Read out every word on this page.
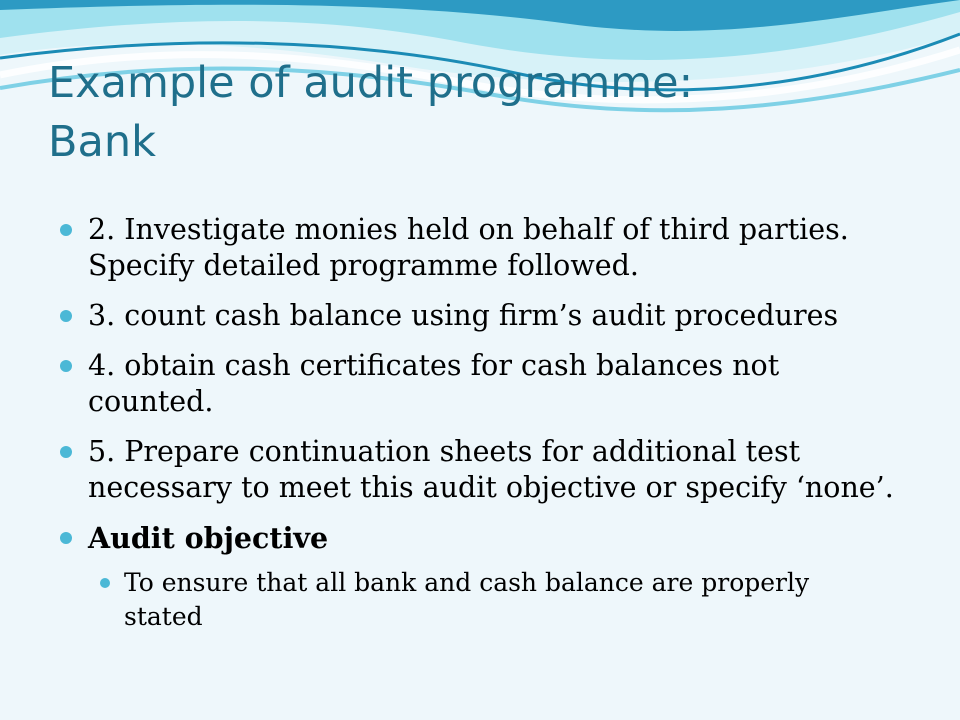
Example of audit programme:
Bank
2. Investigate monies held on behalf of third parties. Specify detailed programme followed.
3. count cash balance using firm’s audit procedures
4. obtain cash certificates for cash balances not counted.
5. Prepare continuation sheets for additional test necessary to meet this audit objective or specify ‘none’.
Audit objective
To ensure that all bank and cash balance are properly stated
